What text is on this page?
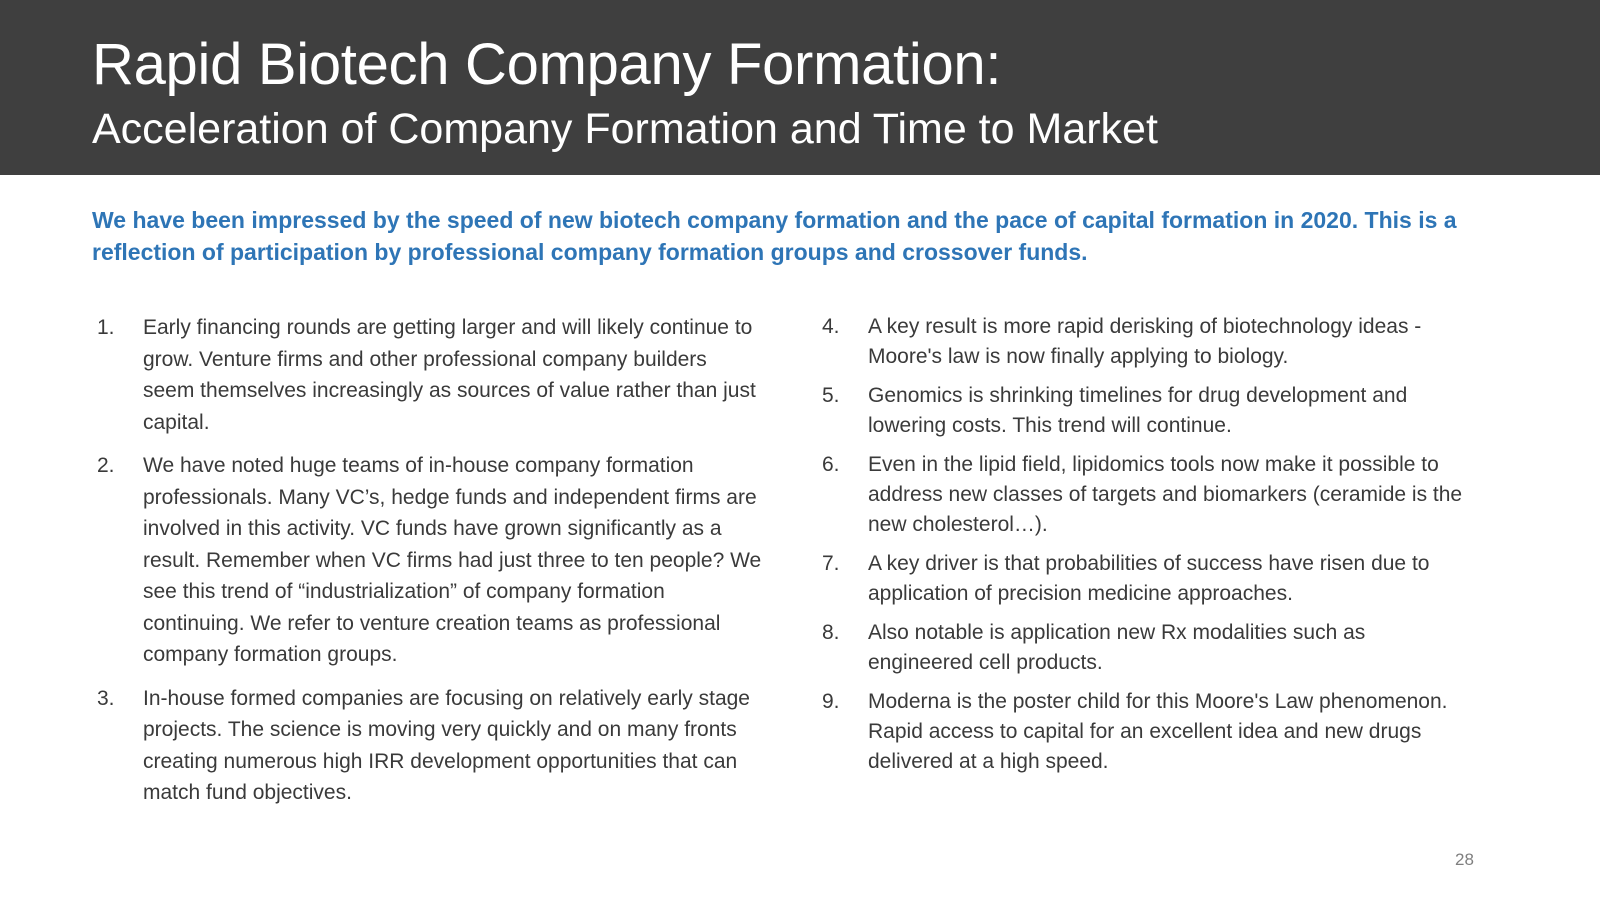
Rapid Biotech Company Formation:
Acceleration of Company Formation and Time to Market
We have been impressed by the speed of new biotech company formation and the pace of capital formation in 2020. This is a reflection of participation by professional company formation groups and crossover funds.
1.	Early financing rounds are getting larger and will likely continue to grow. Venture firms and other professional company builders seem themselves increasingly as sources of value rather than just capital.
2.	We have noted huge teams of in-house company formation professionals. Many VC’s, hedge funds and independent firms are involved in this activity. VC funds have grown significantly as a result. Remember when VC firms had just three to ten people? We see this trend of “industrialization” of company formation continuing. We refer to venture creation teams as professional company formation groups.
3.	In-house formed companies are focusing on relatively early stage projects. The science is moving very quickly and on many fronts creating numerous high IRR development opportunities that can match fund objectives.
4.	A key result is more rapid derisking of biotechnology ideas - Moore's law is now finally applying to biology.
5.	Genomics is shrinking timelines for drug development and lowering costs. This trend will continue.
6.	Even in the lipid field, lipidomics tools now make it possible to address new classes of targets and biomarkers (ceramide is the new cholesterol…).
7.	A key driver is that probabilities of success have risen due to application of precision medicine approaches.
8.	Also notable is application new Rx modalities such as engineered cell products.
9.	Moderna is the poster child for this Moore's Law phenomenon. Rapid access to capital for an excellent idea and new drugs delivered at a high speed.
28
